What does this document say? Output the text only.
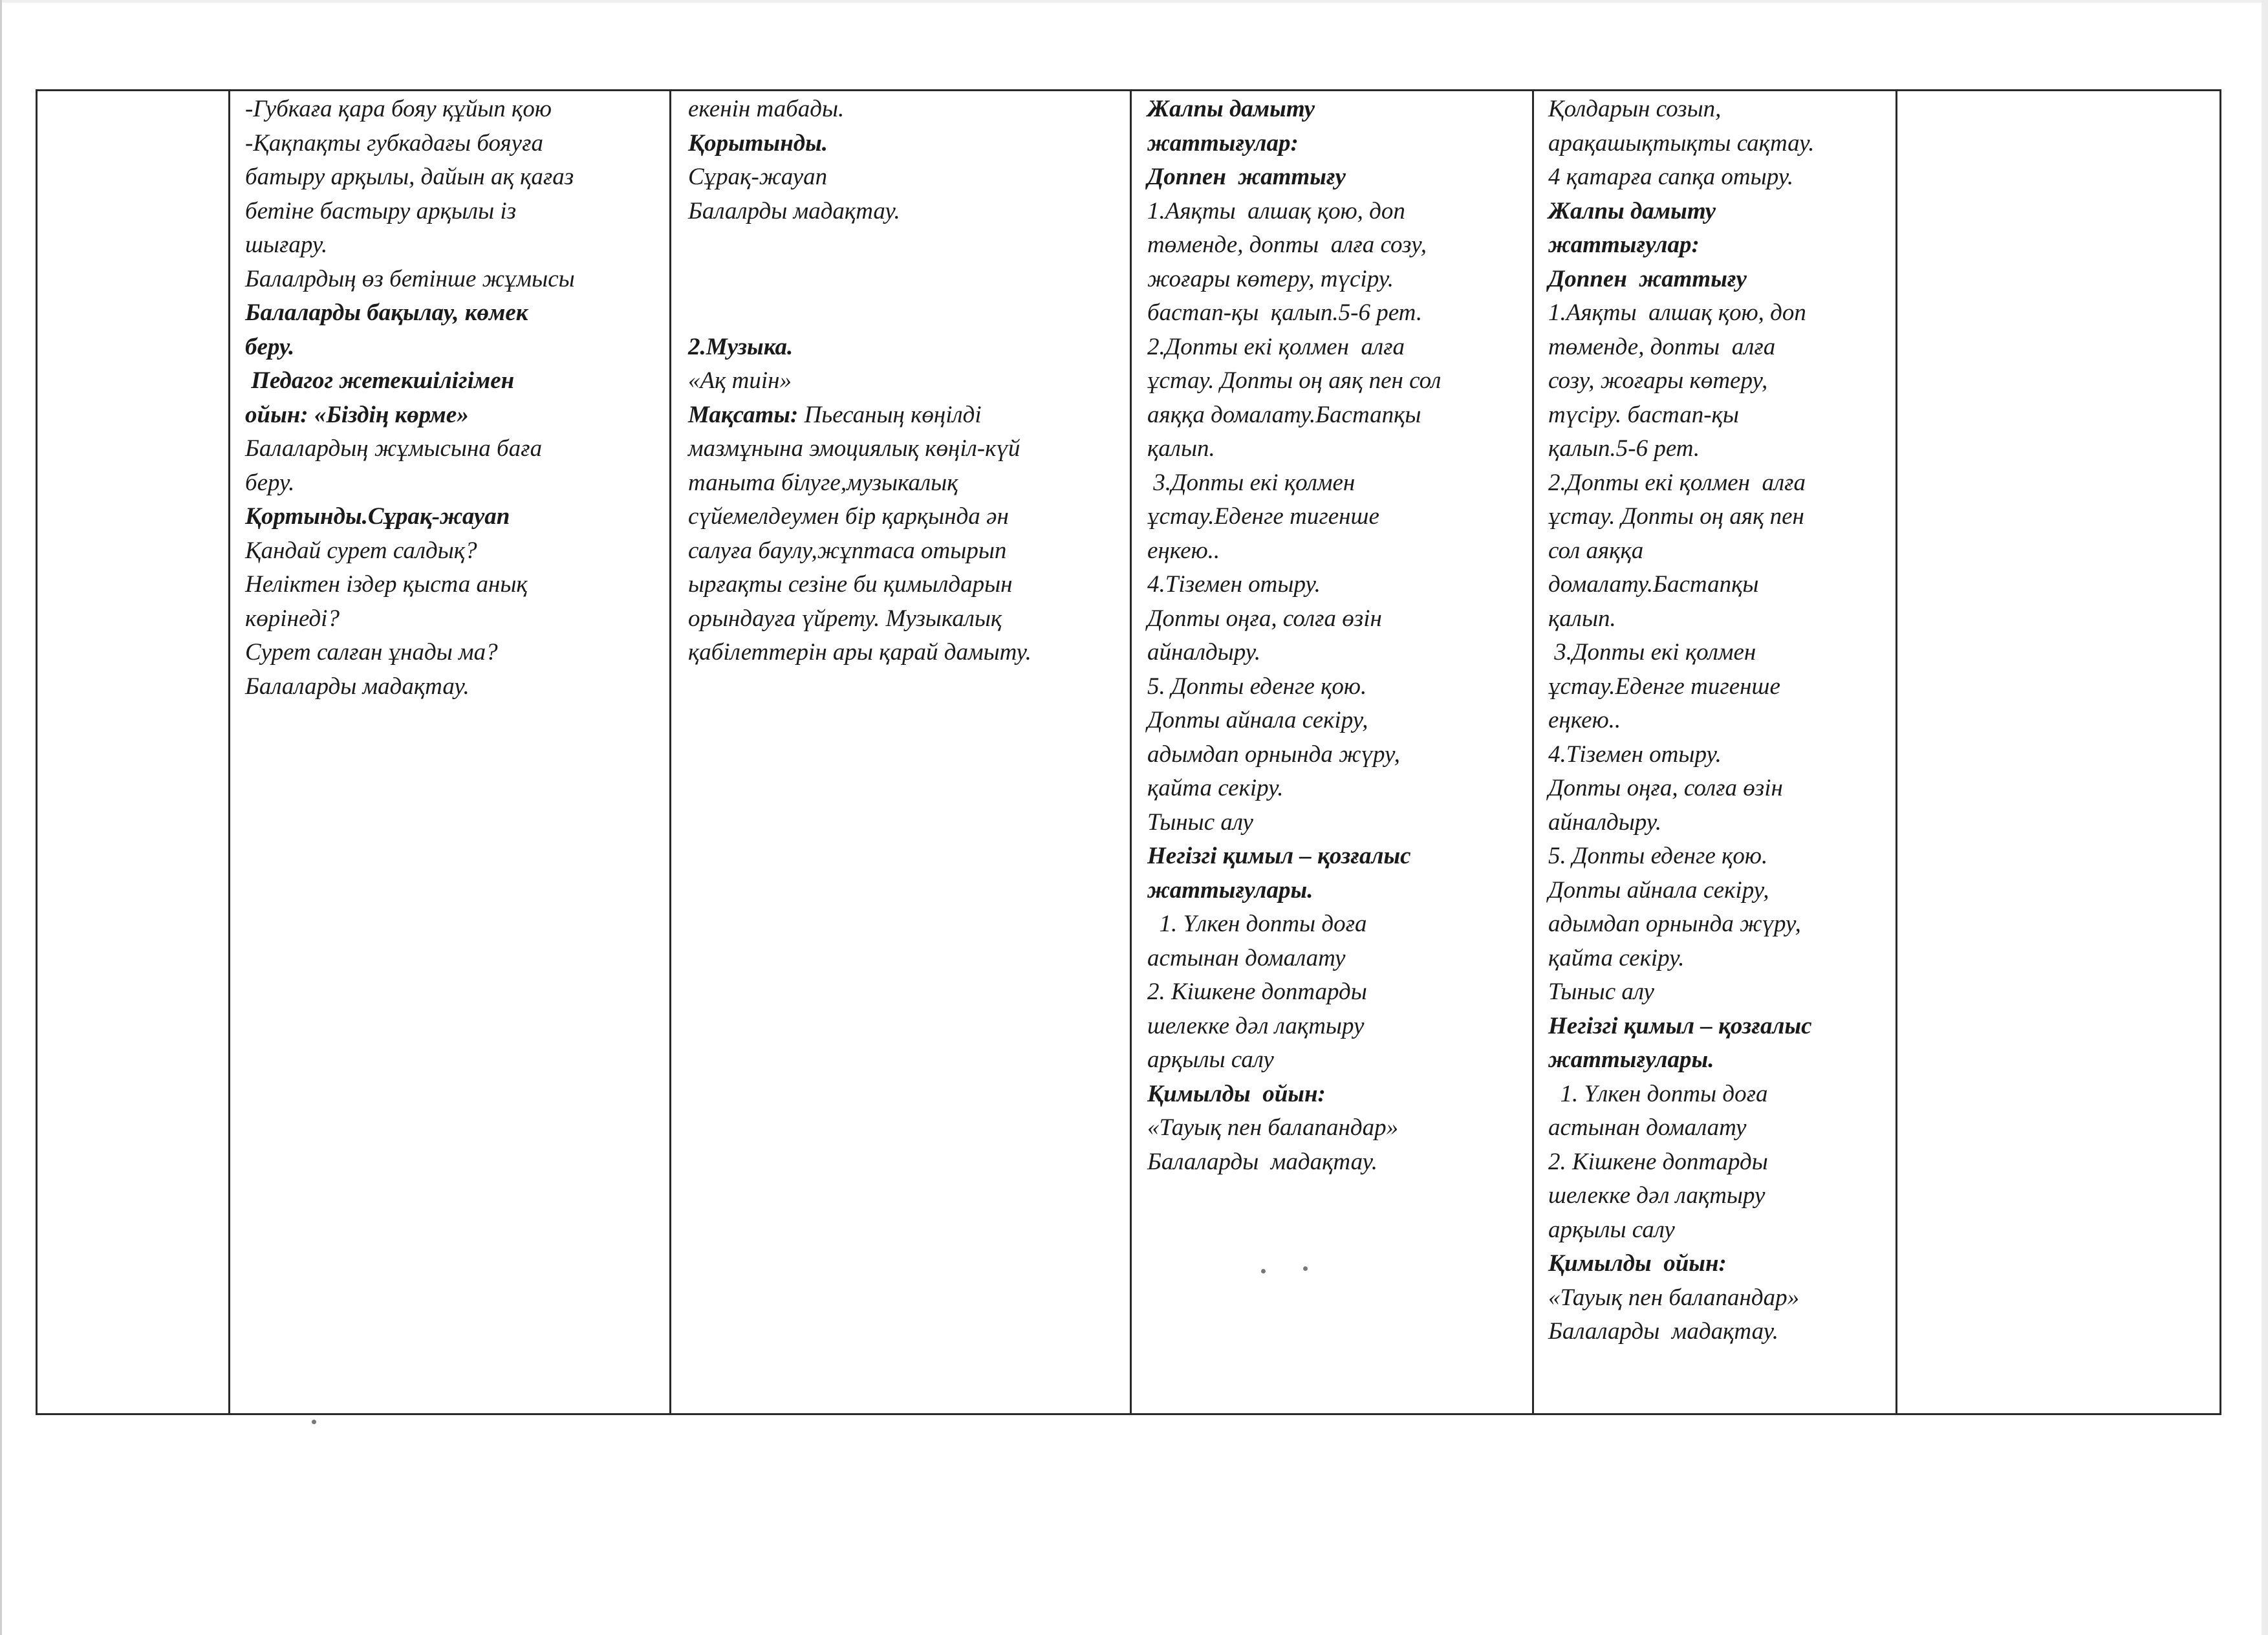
-Губкаға қара бояу құйып қою
-Қақпақты губкадағы бояуға
батыру арқылы, дайын ақ қағаз
бетіне бастыру арқылы із
шығару.
Балалрдың өз бетінше жұмысы
Балаларды бақылау, көмек
беру.
Педагог жетекшілігімен
ойын: «Біздің көрме»
Балалардың жұмысына баға
беру.
Қортынды.Сұрақ-жауап
Қандай сурет салдық?
Неліктен іздер қыста анық
көрінеді?
Сурет салған ұнады ма?
Балаларды мадақтау.
екенін табады.
Қорытынды.
Сұрақ-жауап
Балалрды мадақтау.

2.Музыка.
«Ақ тиін»
Мақсаты: Пьесаның көңілді
мазмұнына эмоциялық көңіл-күй
таныта білуге,музыкалық
сүйемелдеумен бір қарқында ән
салуға баулу,жұптаса отырып
ырғақты сезіне би қимылдарын
орындауға үйрету. Музыкалық
қабілеттерін ары қарай дамыту.
Жалпы дамыту
жаттығулар:
Доппен  жаттығу
1.Аяқты  алшақ қою, доп
төменде, допты  алға созу,
жоғары көтеру, түсіру.
бастап-қы  қалып.5-6 рет.
2.Допты екі қолмен  алға
ұстау. Допты оң аяқ пен сол
аяққа домалату.Бастапқы
қалып.
3.Допты екі қолмен
ұстау.Еденге тигенше
еңкею..
4.Тіземен отыру.
Допты оңға, солға өзін
айналдыру.
5. Допты еденге қою.
Допты айнала секіру,
адымдап орнында жүру,
қайта секіру.
Тыныс алу
Негізгі қимыл – қозғалыс
жаттығулары.
1. Үлкен допты доға
астынан домалату
2. Кішкене доптарды
шелекке дәл лақтыру
арқылы салу
Қимылды  ойын:
«Тауық пен балапандар»
Балаларды  мадақтау.
Қолдарын созып,
арақашықтықты сақтау.
4 қатарға сапқа отыру.
Жалпы дамыту
жаттығулар:
Доппен  жаттығу
1.Аяқты  алшақ қою, доп
төменде, допты  алға
созу, жоғары көтеру,
түсіру. бастап-қы
қалып.5-6 рет.
2.Допты екі қолмен  алға
ұстау. Допты оң аяқ пен
сол аяққа
домалату.Бастапқы
қалып.
3.Допты екі қолмен
ұстау.Еденге тигенше
еңкею..
4.Тіземен отыру.
Допты оңға, солға өзін
айналдыру.
5. Допты еденге қою.
Допты айнала секіру,
адымдап орнында жүру,
қайта секіру.
Тыныс алу
Негізгі қимыл – қозғалыс
жаттығулары.
1. Үлкен допты доға
астынан домалату
2. Кішкене доптарды
шелекке дәл лақтыру
арқылы салу
Қимылды  ойын:
«Тауық пен балапандар»
Балаларды  мадақтау.
